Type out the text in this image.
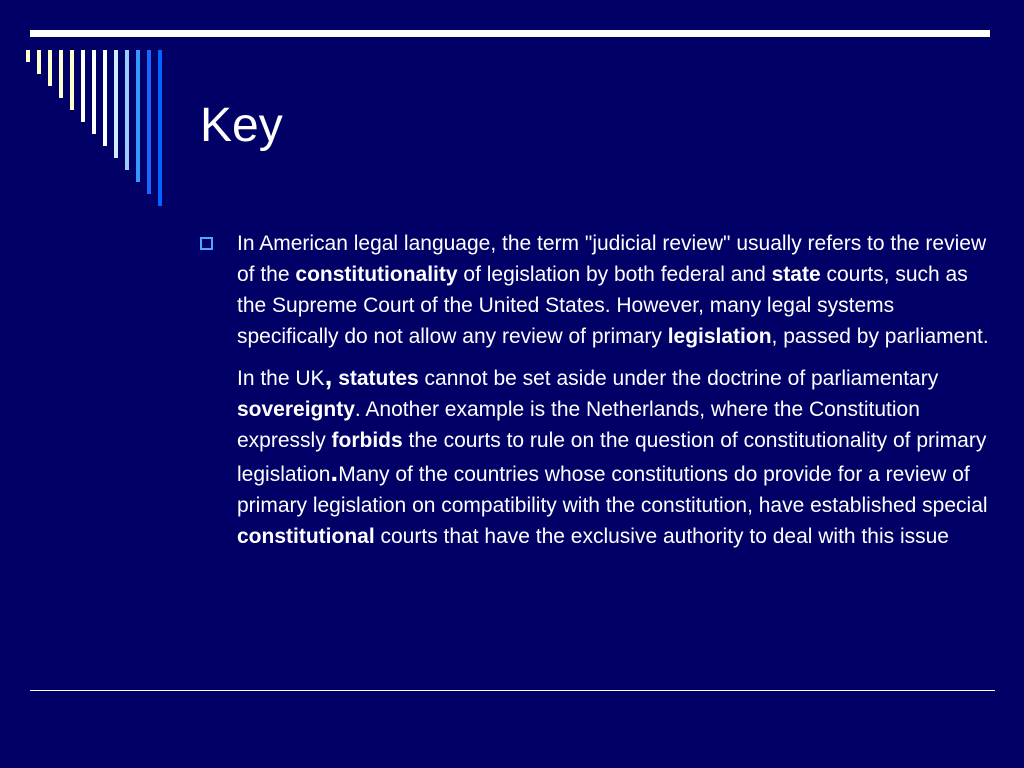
Key

In American legal language, the term "judicial review" usually refers to the review of the constitutionality of legislation by both federal and state courts, such as the Supreme Court of the United States. However, many legal systems specifically do not allow any review of primary legislation, passed by parliament.

In the UK, statutes cannot be set aside under the doctrine of parliamentary sovereignty. Another example is the Netherlands, where the Constitution expressly forbids the courts to rule on the question of constitutionality of primary legislation.Many of the countries whose constitutions do provide for a review of primary legislation on compatibility with the constitution, have established special constitutional courts that have the exclusive authority to deal with this issue
